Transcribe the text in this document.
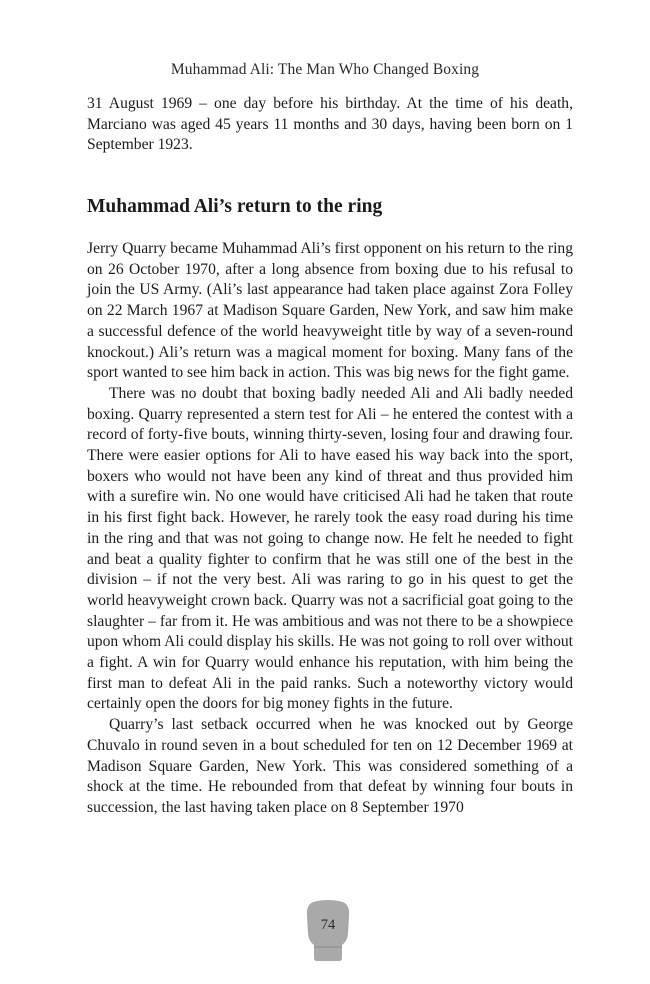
Muhammad Ali: The Man Who Changed Boxing

31 August 1969 – one day before his birthday. At the time of his death, Marciano was aged 45 years 11 months and 30 days, having been born on 1 September 1923.

Muhammad Ali’s return to the ring

Jerry Quarry became Muhammad Ali’s first opponent on his return to the ring on 26 October 1970, after a long absence from boxing due to his refusal to join the US Army. (Ali’s last appearance had taken place against Zora Folley on 22 March 1967 at Madison Square Garden, New York, and saw him make a successful defence of the world heavyweight title by way of a seven-round knockout.) Ali’s return was a magical moment for boxing. Many fans of the sport wanted to see him back in action. This was big news for the fight game.

There was no doubt that boxing badly needed Ali and Ali badly needed boxing. Quarry represented a stern test for Ali – he entered the contest with a record of forty-five bouts, winning thirty-seven, losing four and drawing four. There were easier options for Ali to have eased his way back into the sport, boxers who would not have been any kind of threat and thus provided him with a surefire win. No one would have criticised Ali had he taken that route in his first fight back. However, he rarely took the easy road during his time in the ring and that was not going to change now. He felt he needed to fight and beat a quality fighter to confirm that he was still one of the best in the division – if not the very best. Ali was raring to go in his quest to get the world heavyweight crown back. Quarry was not a sacrificial goat going to the slaughter – far from it. He was ambitious and was not there to be a showpiece upon whom Ali could display his skills. He was not going to roll over without a fight. A win for Quarry would enhance his reputation, with him being the first man to defeat Ali in the paid ranks. Such a noteworthy victory would certainly open the doors for big money fights in the future.

Quarry’s last setback occurred when he was knocked out by George Chuvalo in round seven in a bout scheduled for ten on 12 December 1969 at Madison Square Garden, New York. This was considered something of a shock at the time. He rebounded from that defeat by winning four bouts in succession, the last having taken place on 8 September 1970

74
